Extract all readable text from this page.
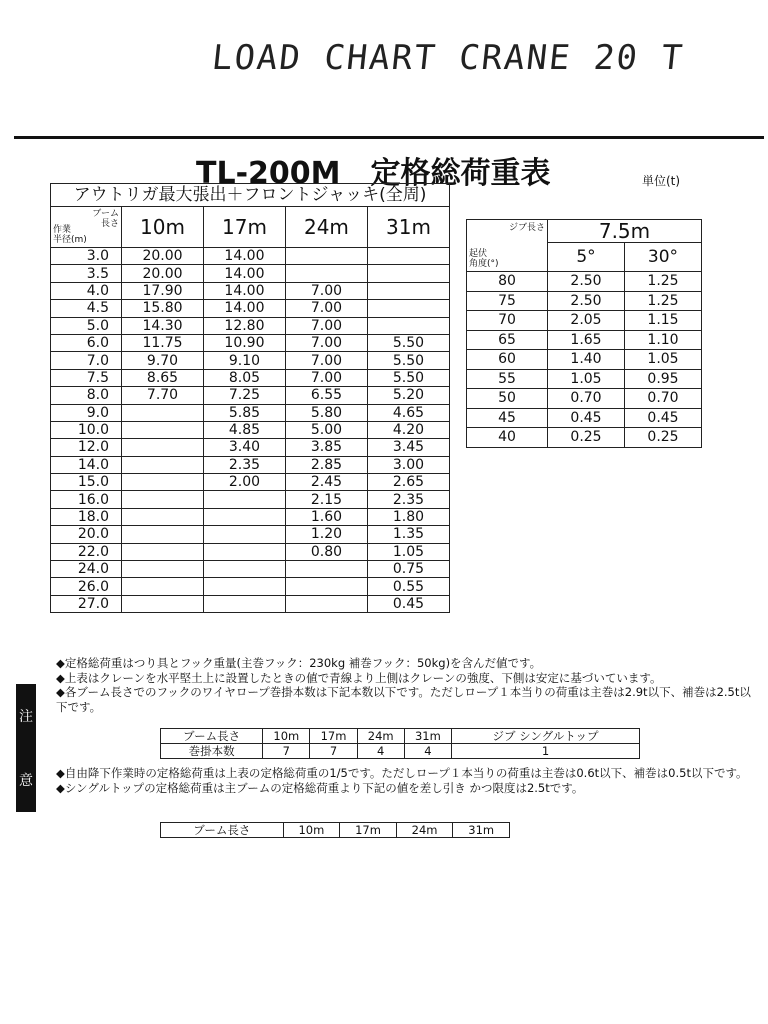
LOAD CHART CRANE 20 T
TL-200M　定格総荷重表	単位(t)
アウトリガ最大張出＋フロントジャッキ(全周)				

ブーム
長さ
作業
半径(m)	10m	17m	24m	31m
3.0	20.00	14.00		
3.5	20.00	14.00		
4.0	17.90	14.00	7.00	
4.5	15.80	14.00	7.00	
5.0	14.30	12.80	7.00	
6.0	11.75	10.90	7.00	5.50
7.0	9.70	9.10	7.00	5.50
7.5	8.65	8.05	7.00	5.50
8.0	7.70	7.25	6.55	5.20
9.0		5.85	5.80	4.65
10.0		4.85	5.00	4.20
12.0		3.40	3.85	3.45
14.0		2.35	2.85	3.00
15.0		2.00	2.45	2.65
16.0			2.15	2.35
18.0			1.60	1.80
20.0			1.20	1.35
22.0			0.80	1.05
24.0				0.75
26.0				0.55
27.0				0.45
ジブ長さ
起伏
角度(°)	7.5m	
	5°	30°
80	2.50	1.25
75	2.50	1.25
70	2.05	1.15
65	1.65	1.10
60	1.40	1.05
55	1.05	0.95
50	0.70	0.70
45	0.45	0.45
40	0.25	0.25
注
意

◆定格総荷重はつり具とフック重量(主巻フック：230kg 補巻フック：50kg)を含んだ値です。

◆上表はクレーンを水平堅土上に設置したときの値で青線より上側はクレーンの強度、下側は安定に基づいています。

◆各ブーム長さでのフックのワイヤロープ巻掛本数は下記本数以下です。ただしロープ１本当りの荷重は主巻は2.9t以下、補巻は2.5t以下です。

ブーム長さ	10m	17m	24m	31m	ジブ シングルトップ
巻掛本数	7	7	4	4	1

◆自由降下作業時の定格総荷重は上表の定格総荷重の1/5です。ただしロープ１本当りの荷重は主巻は0.6t以下、補巻は0.5t以下です。

◆シングルトップの定格総荷重は主ブームの定格総荷重より下記の値を差し引き かつ限度は2.5tです。

ブーム長さ	10m	17m	24m	31m
